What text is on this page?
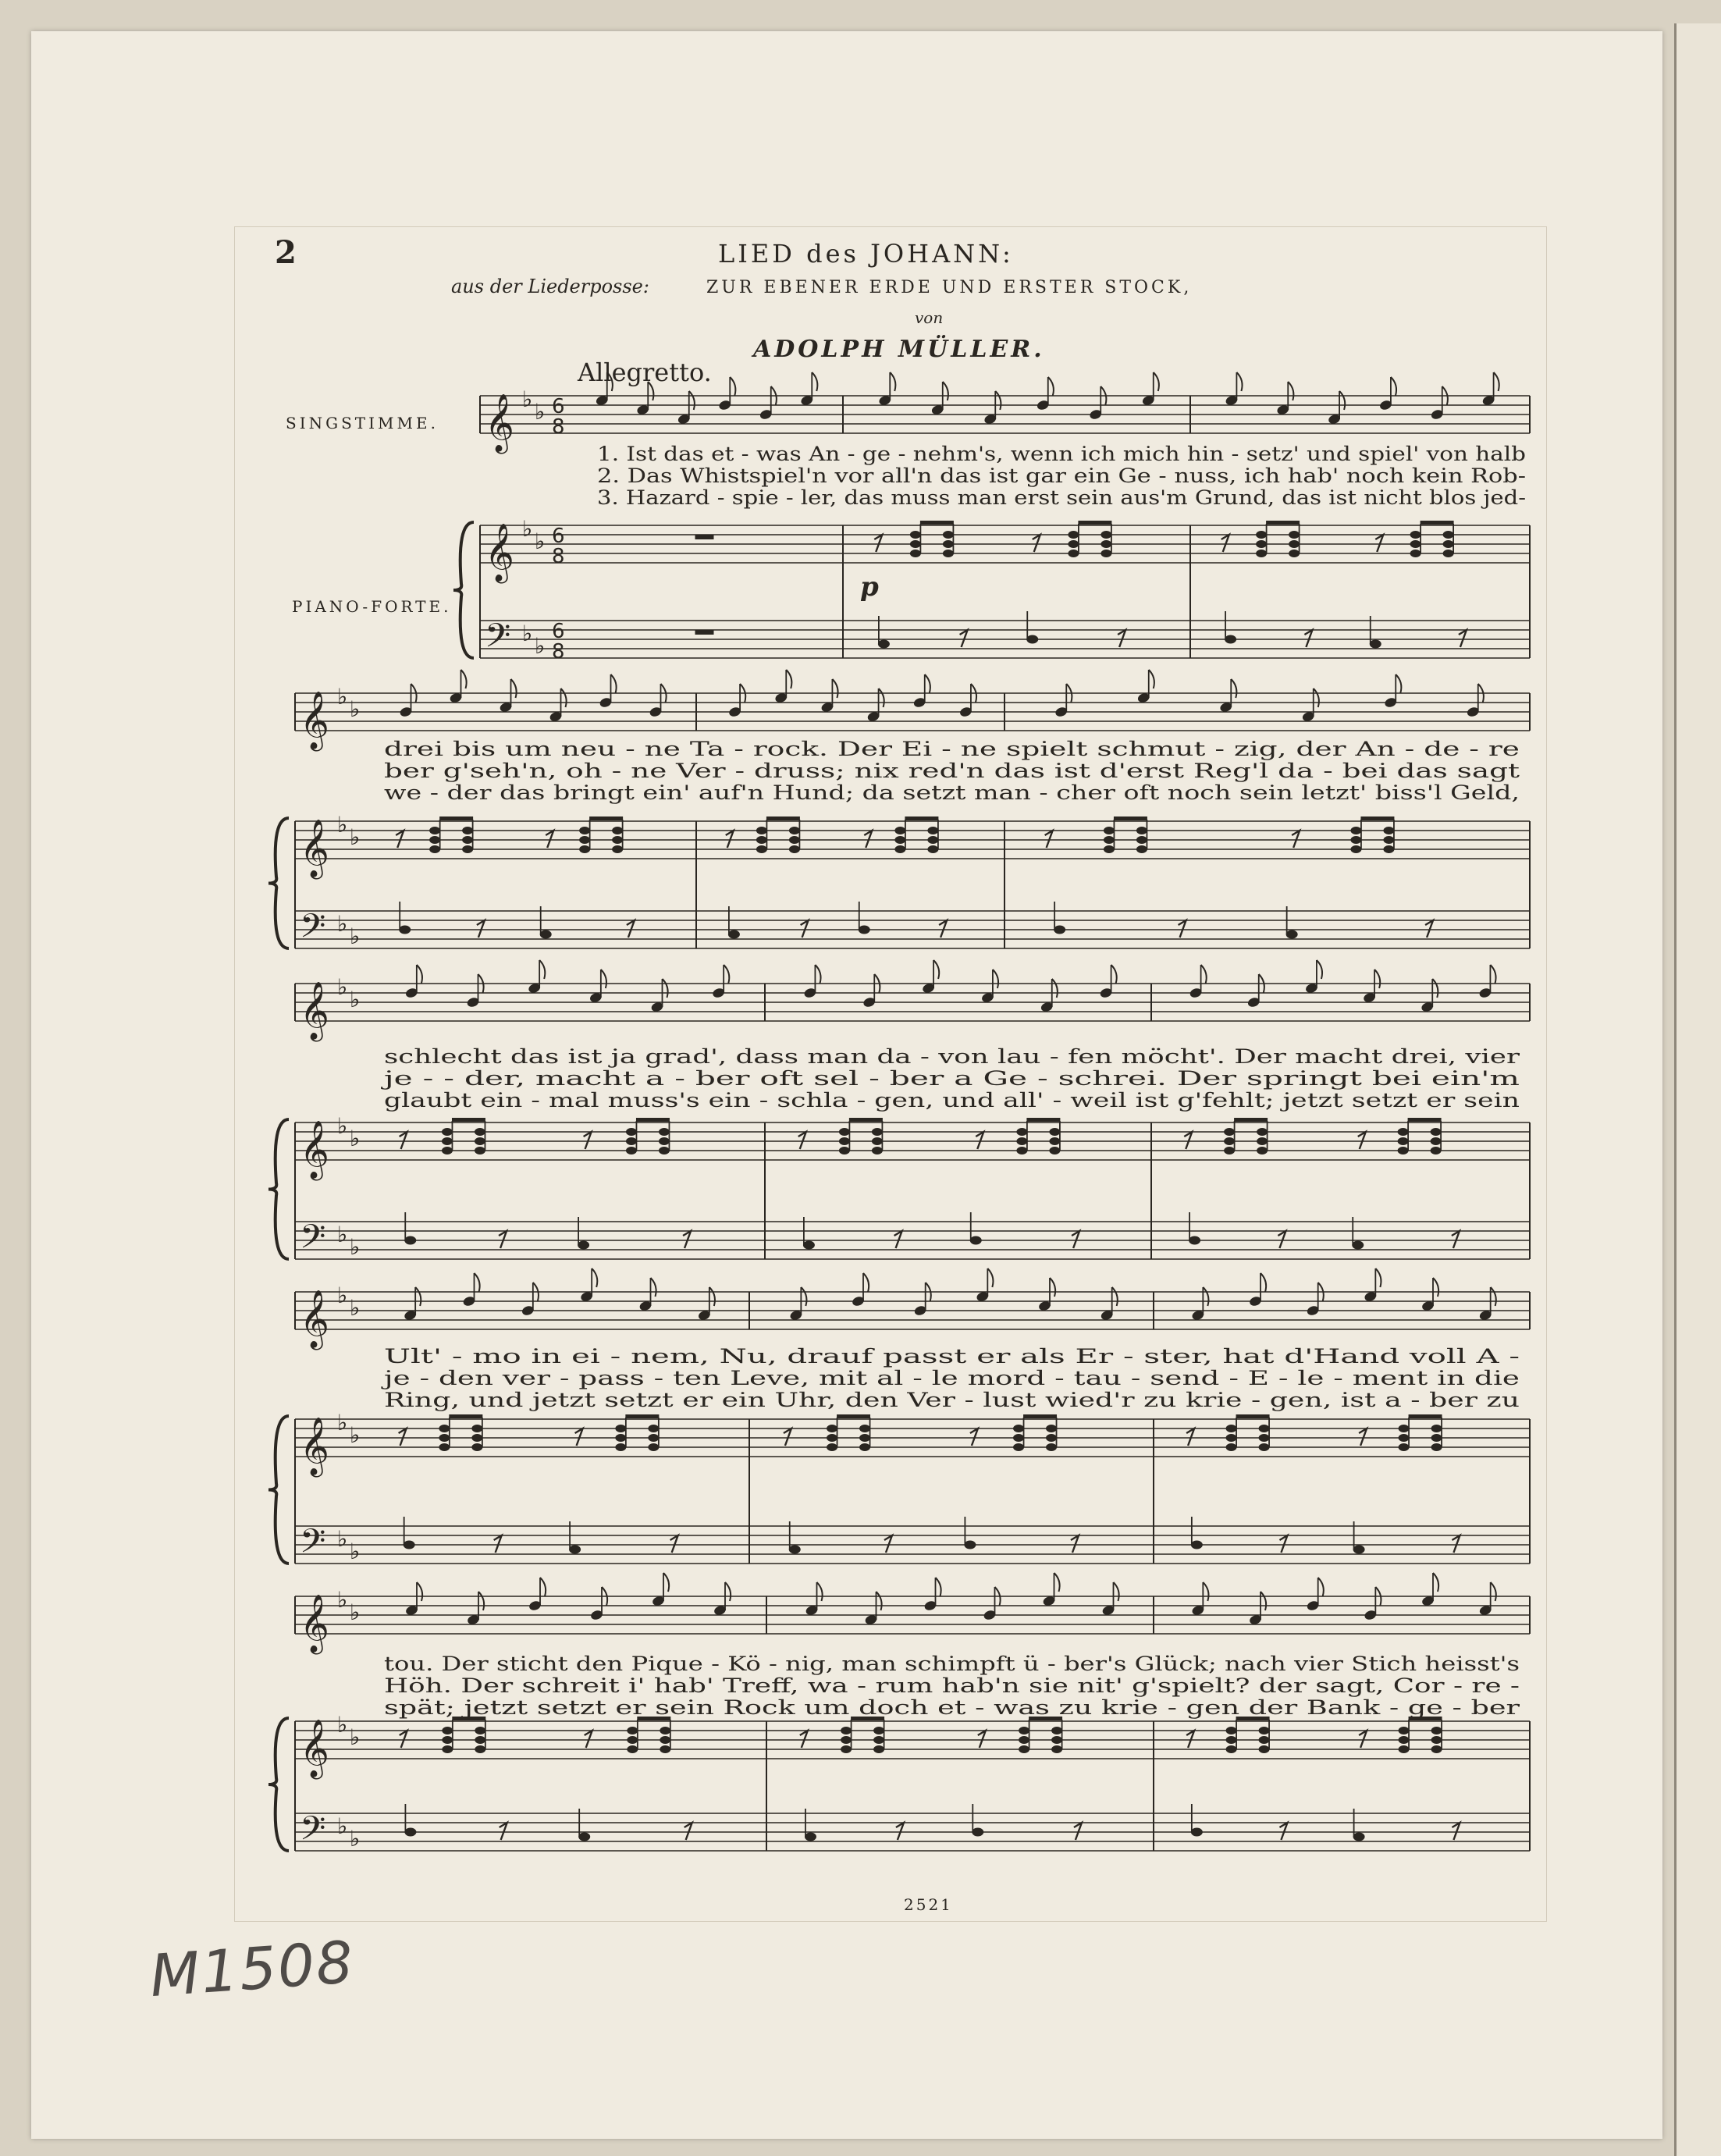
2	LIED des JOHANN:
aus der Liederposse:	ZUR EBENER ERDE UND ERSTER STOCK,
von
ADOLPH MÜLLER.
Allegretto.
SINGSTIMME.
PIANO-FORTE.
2521
M1508
𝄞
𝄞
𝄢
♭ ♭
♭ ♭
♭ ♭
6
8
6
8
6
8
1. Ist das et - was An - ge - nehm's, wenn ich mich hin - setz' und spiel' von halb
2. Das Whistspiel'n vor all'n das ist gar ein Ge - nuss, ich hab' noch kein Rob-
3. Hazard - spie - ler, das muss man erst sein aus'm Grund, das ist nicht blos jed-
p
𝄞
𝄞
𝄢
♭ ♭
♭ ♭
♭ ♭
drei bis um neu - ne Ta - rock. Der Ei - ne spielt schmut - zig, der An - de - re
ber g'seh'n, oh - ne Ver - druss; nix red'n das ist d'erst Reg'l da - bei das sagt
we - der das bringt ein' auf'n Hund; da setzt man - cher oft noch sein letzt' biss'l Geld,
𝄞
𝄞
𝄢
♭ ♭
♭ ♭
♭ ♭
schlecht das ist ja grad', dass man da - von lau - fen möcht'. Der macht drei, vier
je - - der, macht a - ber oft sel - ber a Ge - schrei. Der springt bei ein'm
glaubt ein - mal muss's ein - schla - gen, und all' - weil ist g'fehlt; jetzt setzt er sein
𝄞
𝄞
𝄢
♭ ♭
♭ ♭
♭ ♭
Ult' - mo in ei - nem, Nu, drauf passt er als Er - ster, hat d'Hand voll A -
je - den ver - pass - ten Leve, mit al - le mord - tau - send - E - le - ment in die
Ring, und jetzt setzt er ein Uhr, den Ver - lust wied'r zu krie - gen, ist a - ber zu
𝄞
𝄞
𝄢
♭ ♭
♭ ♭
♭ ♭
tou. Der sticht den Pique - Kö - nig, man schimpft ü - ber's Glück; nach vier Stich heisst's
Höh. Der schreit i' hab' Treff, wa - rum hab'n sie nit' g'spielt? der sagt, Cor - re -
spät; jetzt setzt er sein Rock um doch et - was zu krie - gen der Bank - ge - ber
